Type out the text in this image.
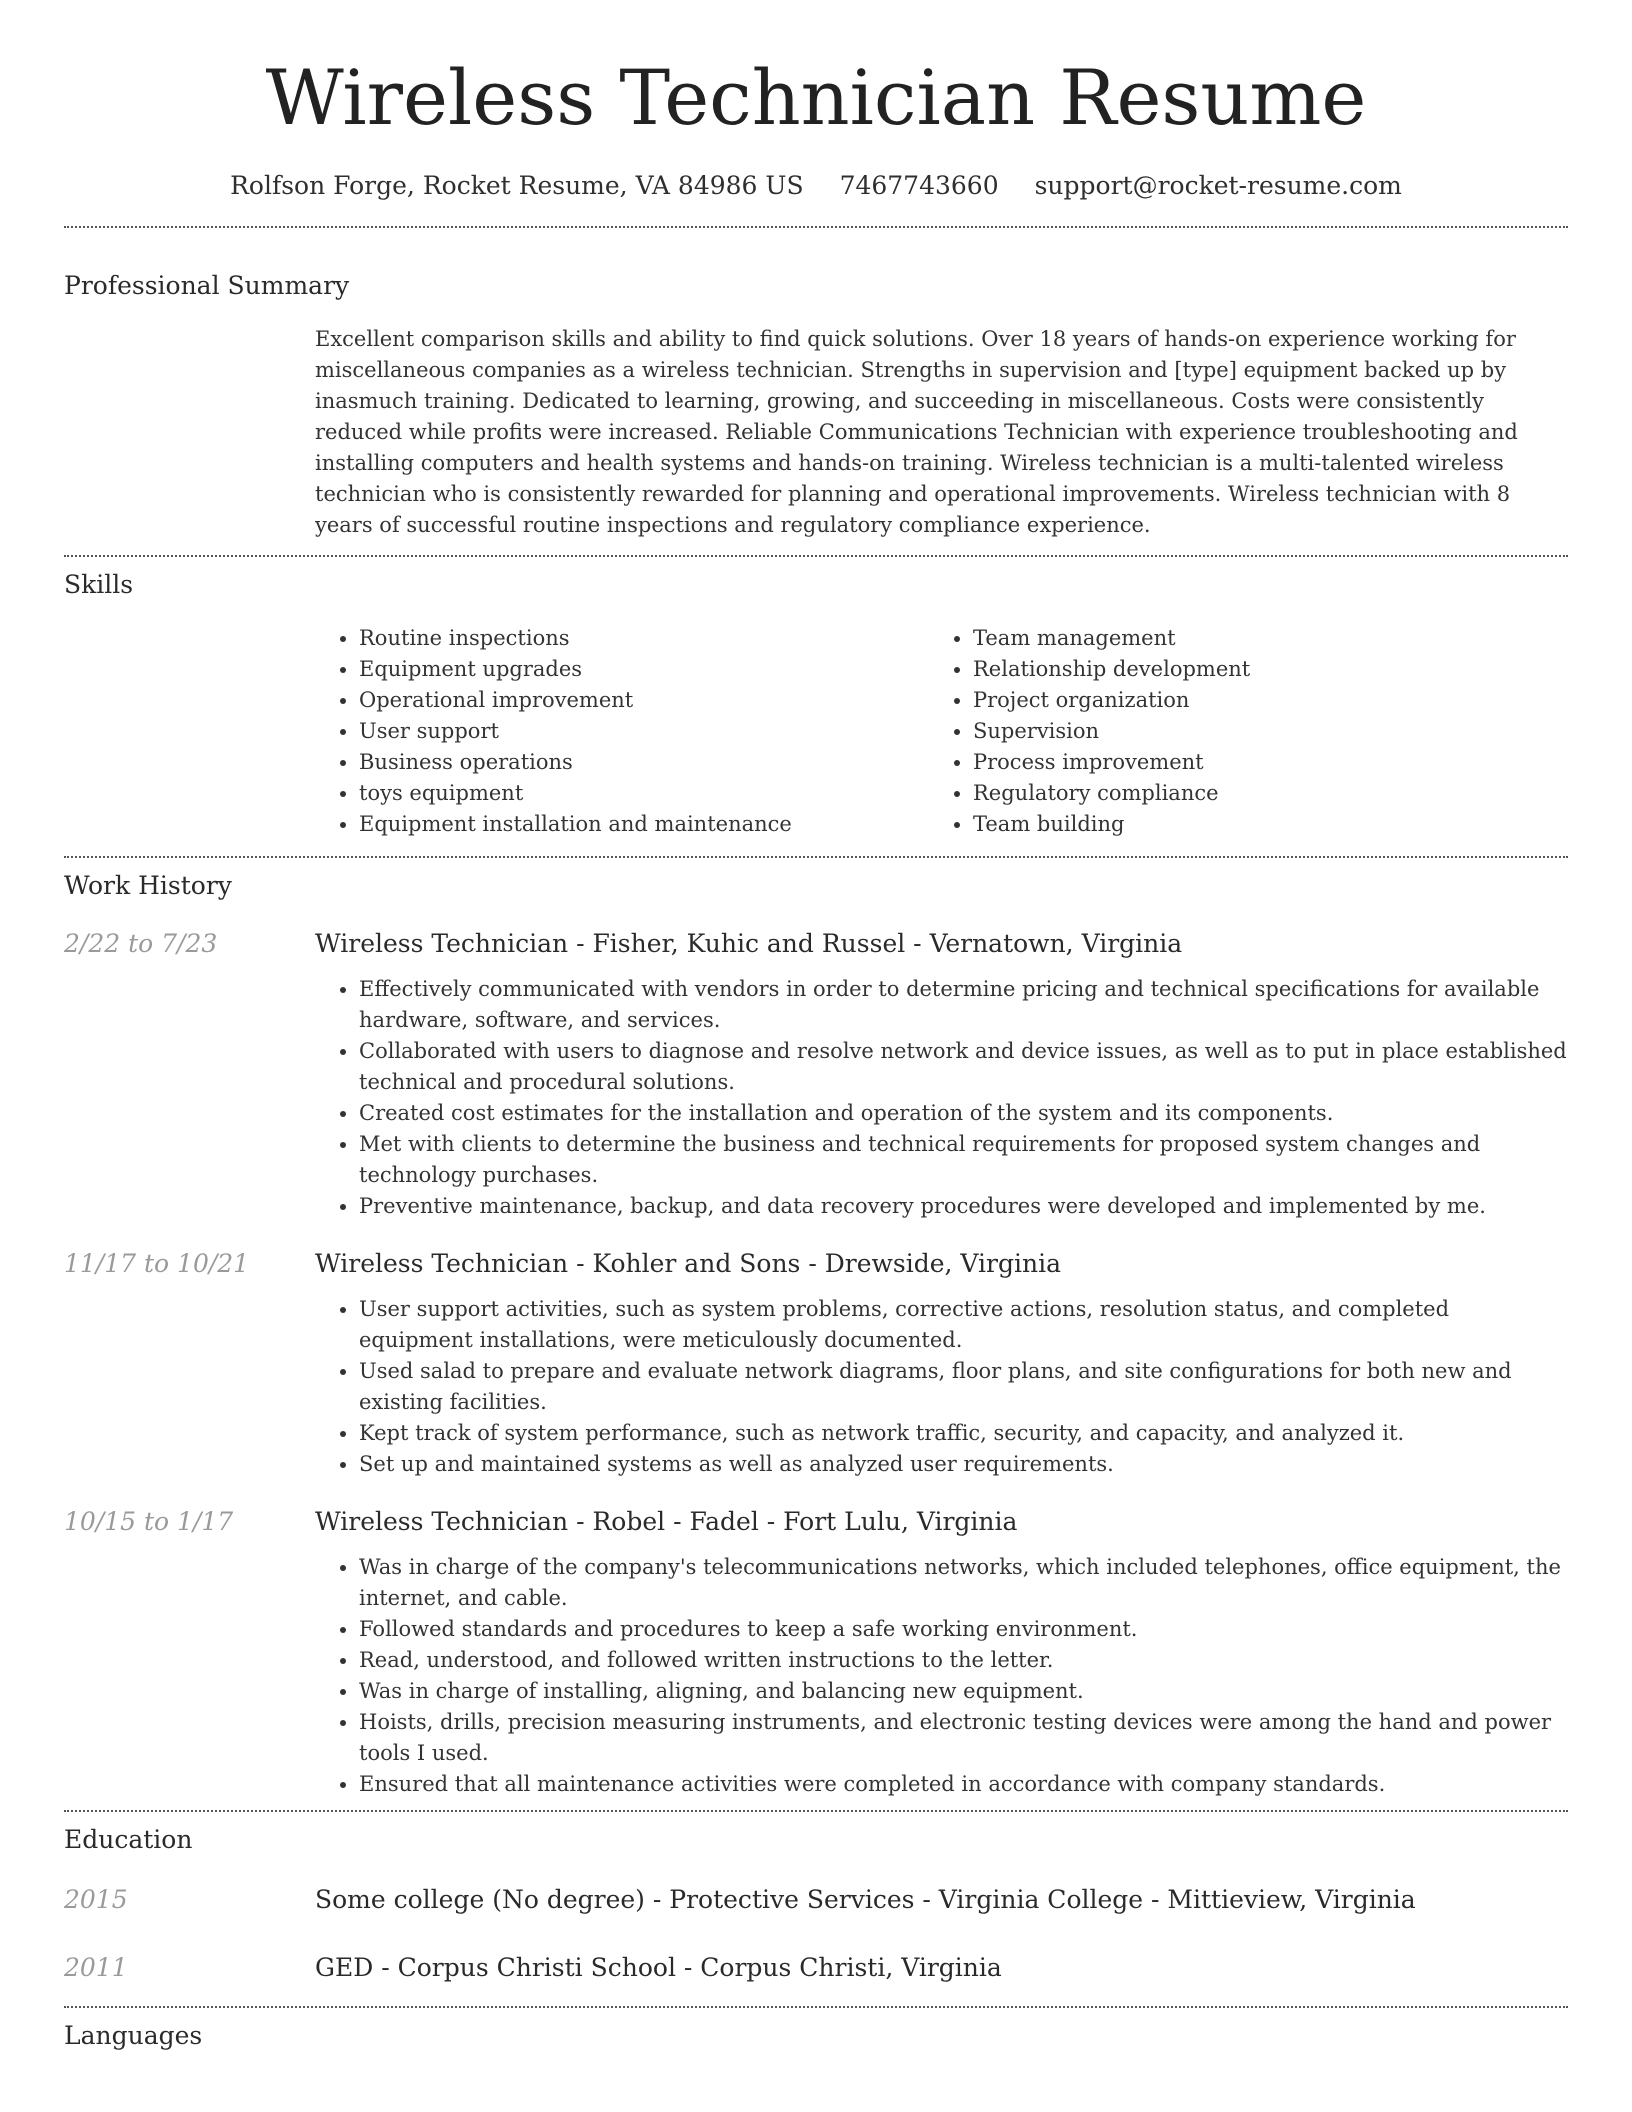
Wireless Technician Resume
Rolfson Forge, Rocket Resume, VA 84986 US 7467743660 support@rocket-resume.com
Professional Summary
Excellent comparison skills and ability to find quick solutions. Over 18 years of hands-on experience working for miscellaneous companies as a wireless technician. Strengths in supervision and [type] equipment backed up by inasmuch training. Dedicated to learning, growing, and succeeding in miscellaneous. Costs were consistently reduced while profits were increased. Reliable Communications Technician with experience troubleshooting and installing computers and health systems and hands-on training. Wireless technician is a multi-talented wireless technician who is consistently rewarded for planning and operational improvements. Wireless technician with 8 years of successful routine inspections and regulatory compliance experience.
Skills
• Routine inspections
• Equipment upgrades
• Operational improvement
• User support
• Business operations
• toys equipment
• Equipment installation and maintenance
• Team management
• Relationship development
• Project organization
• Supervision
• Process improvement
• Regulatory compliance
• Team building
Work History
2/22 to 7/23	Wireless Technician - Fisher, Kuhic and Russel - Vernatown, Virginia
• Effectively communicated with vendors in order to determine pricing and technical specifications for available hardware, software, and services.
• Collaborated with users to diagnose and resolve network and device issues, as well as to put in place established technical and procedural solutions.
• Created cost estimates for the installation and operation of the system and its components.
• Met with clients to determine the business and technical requirements for proposed system changes and technology purchases.
• Preventive maintenance, backup, and data recovery procedures were developed and implemented by me.
11/17 to 10/21	Wireless Technician - Kohler and Sons - Drewside, Virginia
• User support activities, such as system problems, corrective actions, resolution status, and completed equipment installations, were meticulously documented.
• Used salad to prepare and evaluate network diagrams, floor plans, and site configurations for both new and existing facilities.
• Kept track of system performance, such as network traffic, security, and capacity, and analyzed it.
• Set up and maintained systems as well as analyzed user requirements.
10/15 to 1/17	Wireless Technician - Robel - Fadel - Fort Lulu, Virginia
• Was in charge of the company's telecommunications networks, which included telephones, office equipment, the internet, and cable.
• Followed standards and procedures to keep a safe working environment.
• Read, understood, and followed written instructions to the letter.
• Was in charge of installing, aligning, and balancing new equipment.
• Hoists, drills, precision measuring instruments, and electronic testing devices were among the hand and power tools I used.
• Ensured that all maintenance activities were completed in accordance with company standards.
Education
2015	Some college (No degree) - Protective Services - Virginia College - Mittieview, Virginia
2011	GED - Corpus Christi School - Corpus Christi, Virginia
Languages
